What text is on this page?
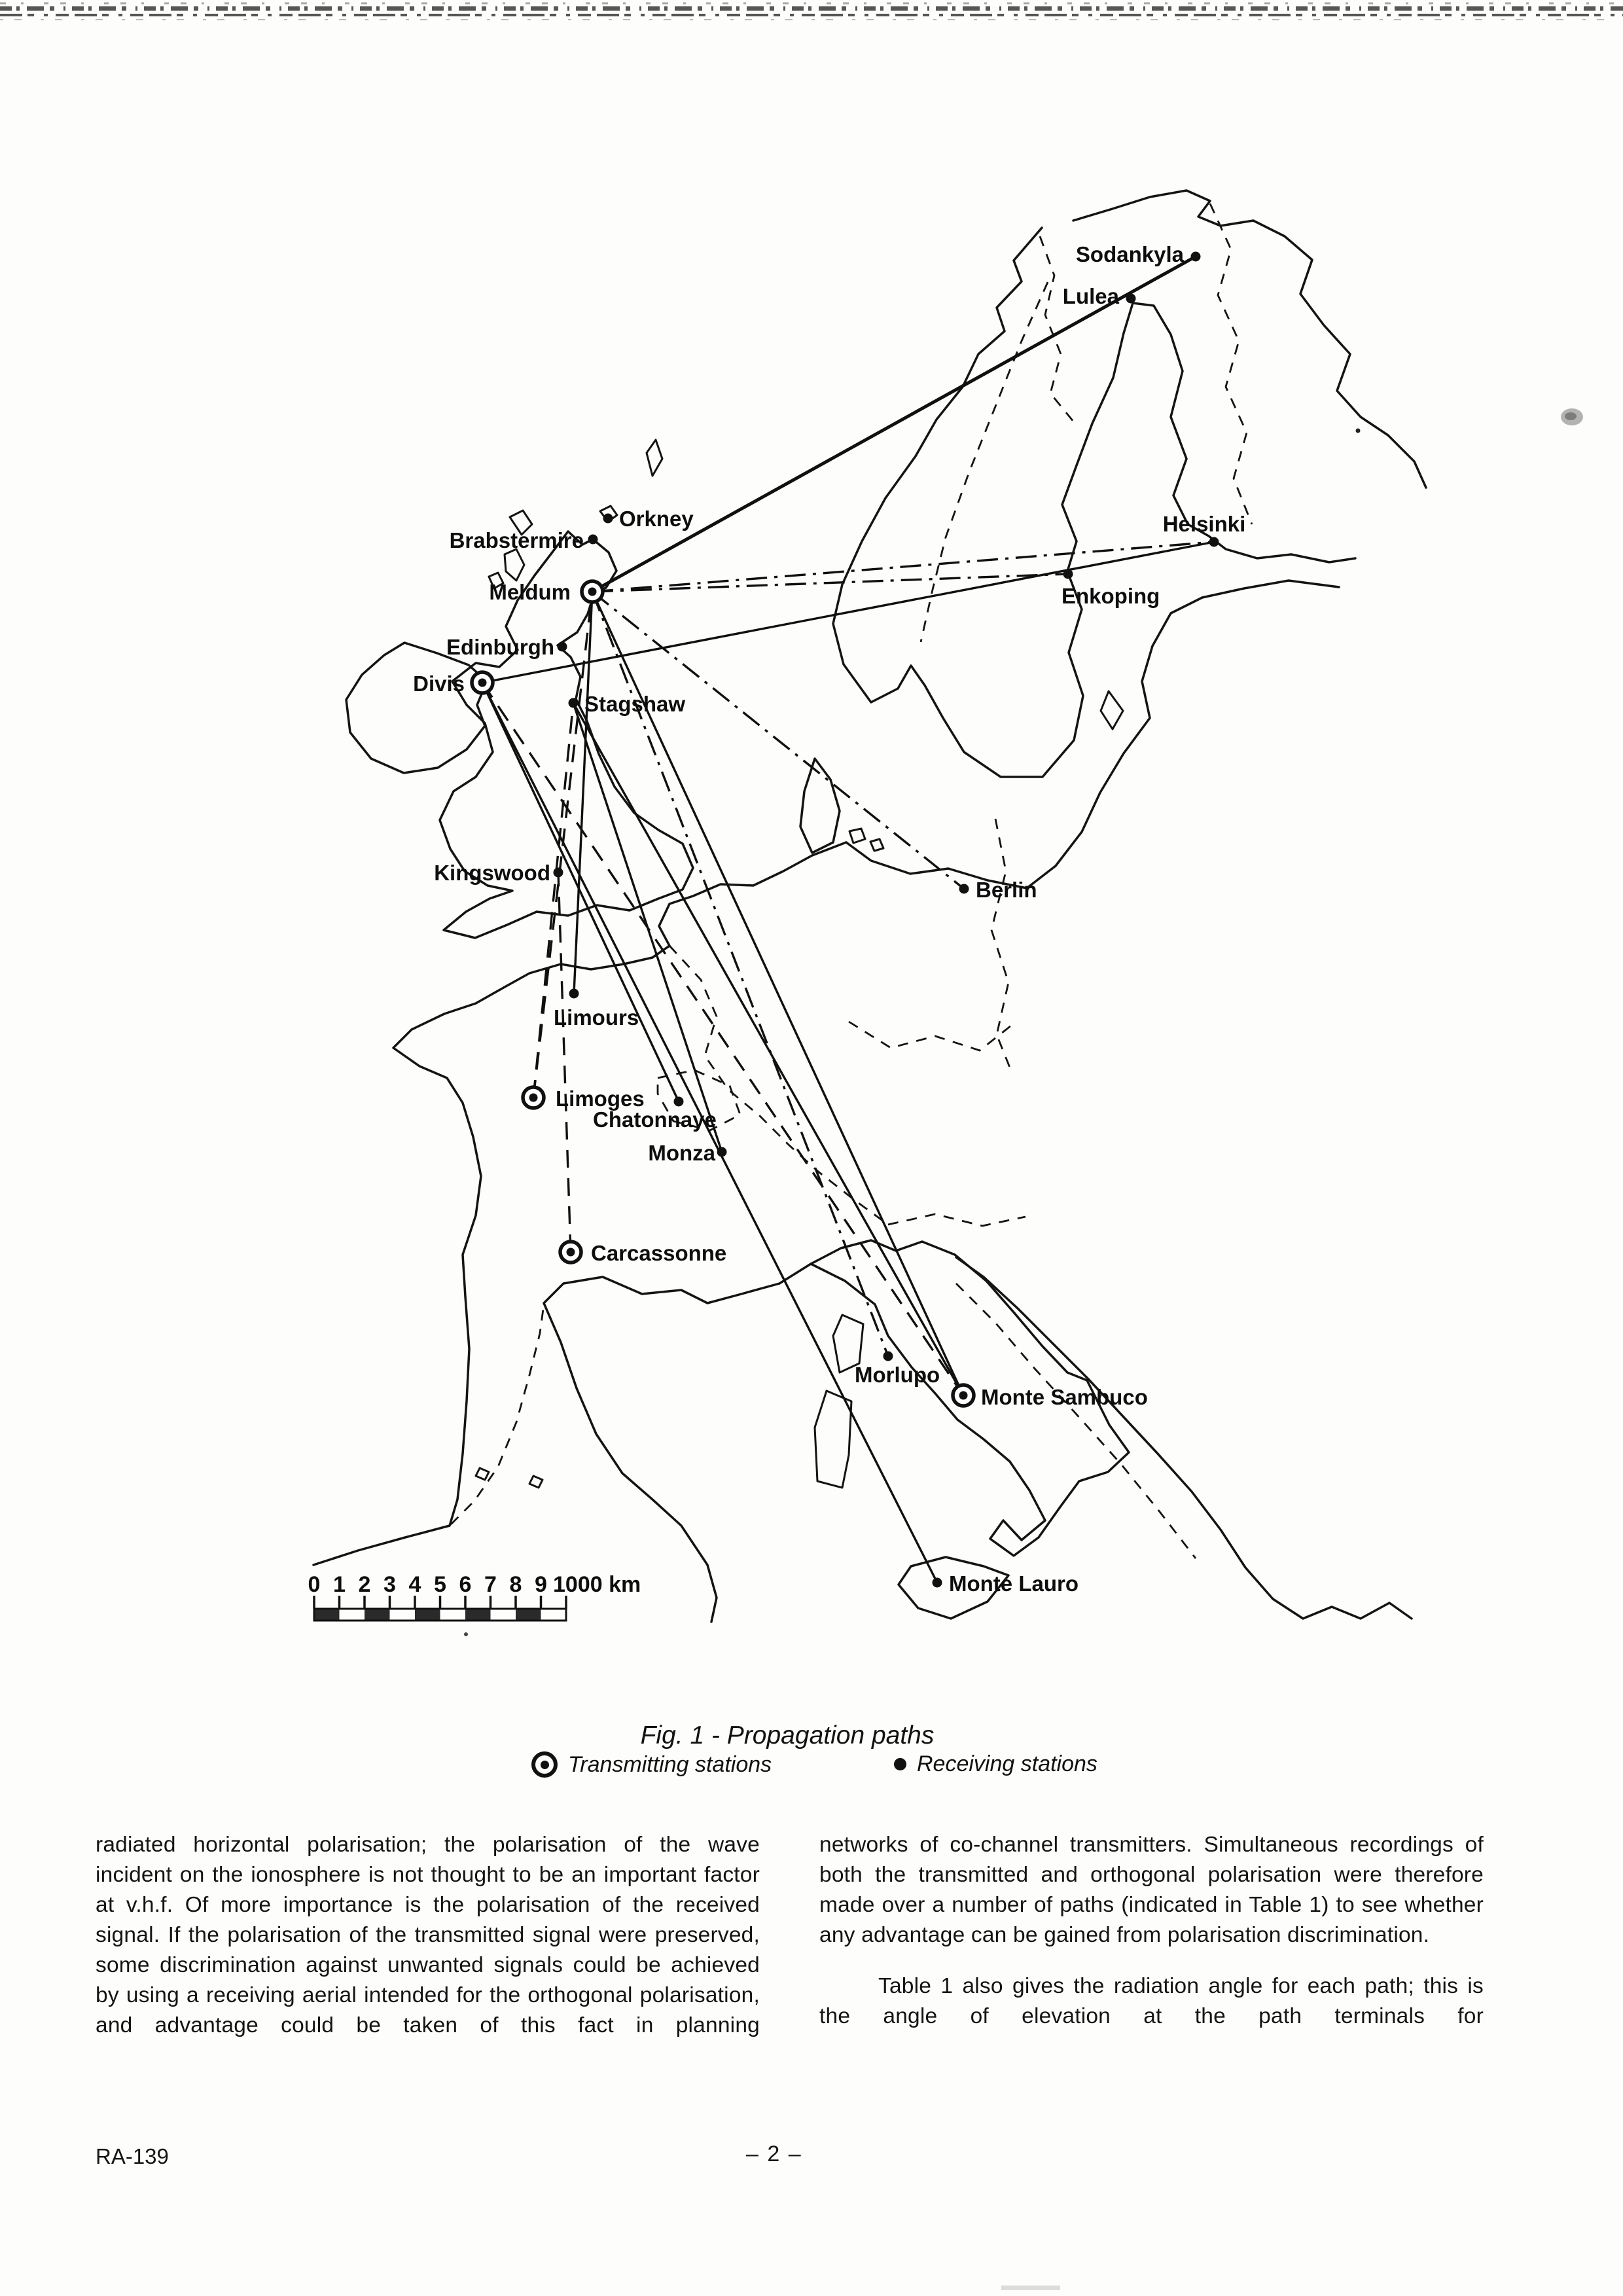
Meldum
Divis
Limoges
Carcassonne
Monte Sambuco
Orkney
Brabstermire
Edinburgh
Stagshaw
Kingswood
Sodankyla
Lulea
Helsinki
Enkoping
Berlin
Limours
Chatonnaye
Monza
Morlupo
Monte Lauro
0 1 2 3 4 5 6 7 8 9 1000 km
Fig. 1 - Propagation paths
Transmitting stations	Receiving stations
radiated horizontal polarisation; the polarisation of the wave incident on the ionosphere is not thought to be an important factor at v.h.f. Of more importance is the polarisation of the received signal. If the polarisation of the transmitted signal were preserved, some discrimination against unwanted signals could be achieved by using a receiving aerial intended for the orthogonal polarisation, and advantage could be taken of this fact in planning

networks of co-channel transmitters. Simultaneous recordings of both the transmitted and orthogonal polarisation were therefore made over a number of paths (indicated in Table 1) to see whether any advantage can be gained from polarisation discrimination.

Table 1 also gives the radiation angle for each path; this is the angle of elevation at the path terminals for

RA-139	– 2 –
